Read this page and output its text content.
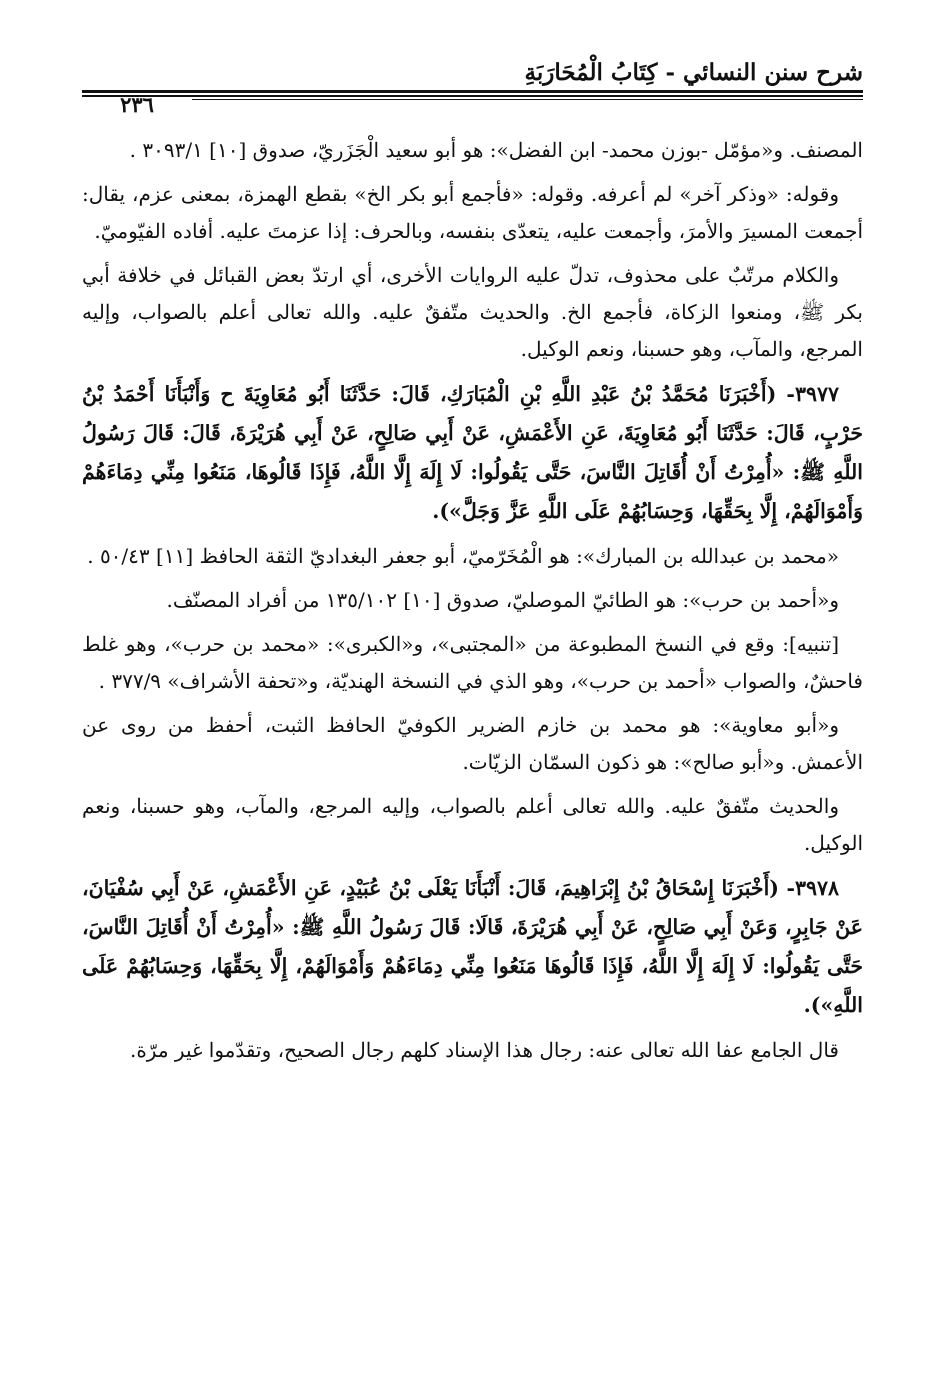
شرح سنن النسائي - كِتَابُ الْمُحَارَبَةِ
٢٣٦

المصنف. و«مؤمّل -بوزن محمد- ابن الفضل»: هو أبو سعيد الْجَزَريّ، صدوق [١٠] ٣٠٩٣/١ .

وقوله: «وذكر آخر» لم أعرفه. وقوله: «فأجمع أبو بكر الخ» بقطع الهمزة، بمعنى عزم، يقال: أجمعت المسيرَ والأمرَ، وأجمعت عليه، يتعدّى بنفسه، وبالحرف: إذا عزمتَ عليه. أفاده الفيّوميّ.

والكلام مرتّبٌ على محذوف، تدلّ عليه الروايات الأخرى، أي ارتدّ بعض القبائل في خلافة أبي بكر ﷺ، ومنعوا الزكاة، فأجمع الخ. والحديث متّفقٌ عليه. والله تعالى أعلم بالصواب، وإليه المرجع، والمآب، وهو حسبنا، ونعم الوكيل.

٣٩٧٧- (أَخْبَرَنَا مُحَمَّدُ بْنُ عَبْدِ اللَّهِ بْنِ الْمُبَارَكِ، قَالَ: حَدَّثَنَا أَبُو مُعَاوِيَةَ ح وَأَنْبَأَنَا أَحْمَدُ بْنُ حَرْبٍ، قَالَ: حَدَّثَنَا أَبُو مُعَاوِيَةَ، عَنِ الأَعْمَشِ، عَنْ أَبِي صَالِحٍ، عَنْ أَبِي هُرَيْرَةَ، قَالَ: قَالَ رَسُولُ اللَّهِ ﷺ: «أُمِرْتُ أَنْ أُقَاتِلَ النَّاسَ، حَتَّى يَقُولُوا: لَا إِلَهَ إِلَّا اللَّهُ، فَإِذَا قَالُوهَا، مَنَعُوا مِنِّي دِمَاءَهُمْ وَأَمْوَالَهُمْ، إِلَّا بِحَقِّهَا، وَحِسَابُهُمْ عَلَى اللَّهِ عَزَّ وَجَلَّ»).

«محمد بن عبدالله بن المبارك»: هو الْمُخَرّميّ، أبو جعفر البغداديّ الثقة الحافظ [١١] ٥٠/٤٣ .

و«أحمد بن حرب»: هو الطائيّ الموصليّ، صدوق [١٠] ١٣٥/١٠٢ من أفراد المصنّف.

[تنبيه]: وقع في النسخ المطبوعة من «المجتبى»، و«الكبرى»: «محمد بن حرب»، وهو غلط فاحشٌ، والصواب «أحمد بن حرب»، وهو الذي في النسخة الهنديّة، و«تحفة الأشراف» ٣٧٧/٩ .

و«أبو معاوية»: هو محمد بن خازم الضرير الكوفيّ الحافظ الثبت، أحفظ من روى عن الأعمش. و«أبو صالح»: هو ذكون السمّان الزيّات.

والحديث متّفقٌ عليه. والله تعالى أعلم بالصواب، وإليه المرجع، والمآب، وهو حسبنا، ونعم الوكيل.

٣٩٧٨- (أَخْبَرَنَا إِسْحَاقُ بْنُ إِبْرَاهِيمَ، قَالَ: أَنْبَأَنَا يَعْلَى بْنُ عُبَيْدٍ، عَنِ الأَعْمَشِ، عَنْ أَبِي سُفْيَانَ، عَنْ جَابِرٍ، وَعَنْ أَبِي صَالِحٍ، عَنْ أَبِي هُرَيْرَةَ، قَالَا: قَالَ رَسُولُ اللَّهِ ﷺ: «أُمِرْتُ أَنْ أُقَاتِلَ النَّاسَ، حَتَّى يَقُولُوا: لَا إِلَهَ إِلَّا اللَّهُ، فَإِذَا قَالُوهَا مَنَعُوا مِنِّي دِمَاءَهُمْ وَأَمْوَالَهُمْ، إِلَّا بِحَقِّهَا، وَحِسَابُهُمْ عَلَى اللَّهِ»).

قال الجامع عفا الله تعالى عنه: رجال هذا الإسناد كلهم رجال الصحيح، وتقدّموا غير مرّة.
